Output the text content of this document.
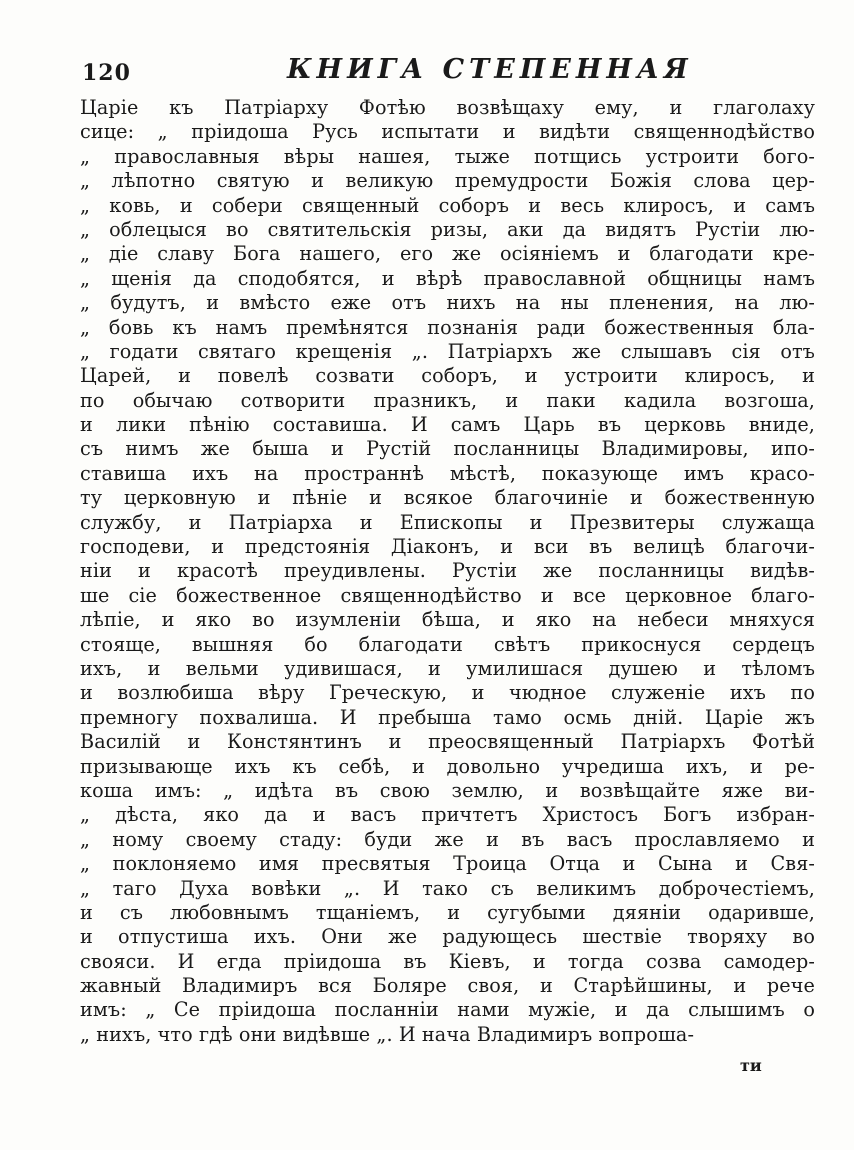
120	КНИГА СТЕПЕННАЯ
Царіе къ Патріарху Фотѣю возвѣщаху ему, и глаголаху
сице: „ пріидоша Русь испытати и видѣти священнодѣйство
„ православныя вѣры нашея, тыже потщись устроити бого-
„ лѣпотно святую и великую премудрости Божія слова цер-
„ ковь, и собери священный соборъ и весь клиросъ, и самъ
„ облецыся во святительскія ризы, аки да видятъ Рустіи лю-
„ діе славу Бога нашего, его же осіяніемъ и благодати кре-
„ щенія да сподобятся, и вѣрѣ православной общницы намъ
„ будутъ, и вмѣсто еже отъ нихъ на ны пленения, на лю-
„ бовь къ намъ премѣнятся познанія ради божественныя бла-
„ годати святаго крещенія „. Патріархъ же слышавъ сія отъ
Царей, и повелѣ созвати соборъ, и устроити клиросъ, и
по обычаю сотворити празникъ, и паки кадила возгоша,
и лики пѣнію составиша. И самъ Царь въ церковь вниде,
съ нимъ же быша и Рустій посланницы Владимировы, ипо-
ставиша ихъ на пространнѣ мѣстѣ, показующе имъ красо-
ту церковную и пѣніе и всякое благочиніе и божественную
службу, и Патріарха и Епископы и Презвитеры служаща
господеви, и предстоянія Діаконъ, и вси въ велицѣ благочи-
ніи и красотѣ преудивлены. Рустіи же посланницы видѣв-
ше сіе божественное священнодѣйство и все церковное благо-
лѣпіе, и яко во изумленіи бѣша, и яко на небеси мняхуся
стояще, вышняя бо благодати свѣтъ прикоснуся сердецъ
ихъ, и вельми удивишася, и умилишася душею и тѣломъ
и возлюбиша вѣру Греческую, и чюдное служеніе ихъ по
премногу похвалиша. И пребыша тамо осмь дній. Царіе жъ
Василій и Констянтинъ и преосвященный Патріархъ Фотѣй
призывающе ихъ къ себѣ, и довольно учредиша ихъ, и ре-
коша имъ: „ идѣта въ свою землю, и возвѣщайте яже ви-
„ дѣста, яко да и васъ причтетъ Христосъ Богъ избран-
„ ному своему стаду: буди же и въ васъ прославляемо и
„ поклоняемо имя пресвятыя Троица Отца и Сына и Свя-
„ таго Духа вовѣки „. И тако съ великимъ доброчестіемъ,
и съ любовнымъ тщаніемъ, и сугубыми дяяніи одаривше,
и отпустиша ихъ. Они же радующесь шествіе творяху во
свояси. И егда пріидоша въ Кіевъ, и тогда созва самодер-
жавный Владимиръ вся Боляре своя, и Старѣйшины, и рече
имъ: „ Се пріидоша посланніи нами мужіе, и да слышимъ о
„ нихъ, что гдѣ они видѣвше „. И нача Владимиръ вопроша-
ти
